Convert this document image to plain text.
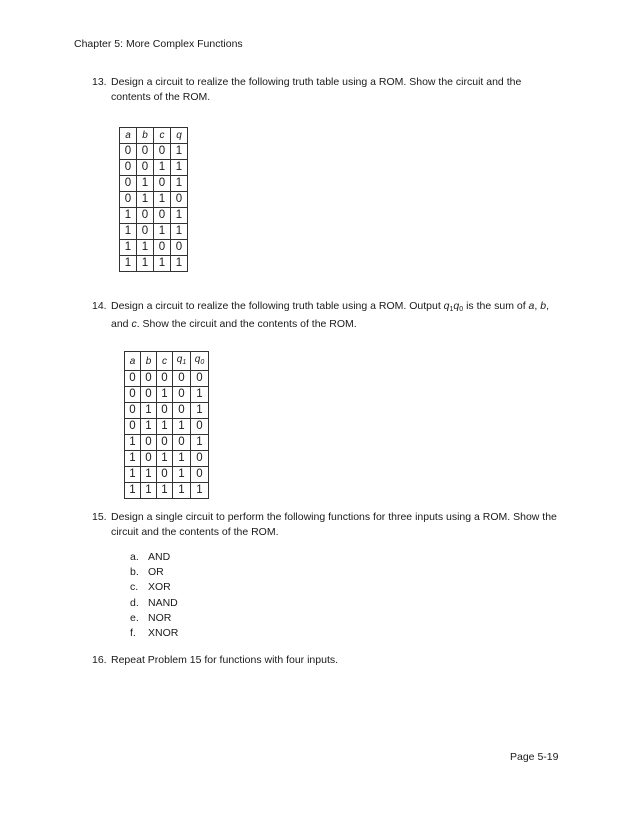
Chapter 5: More Complex Functions
13. Design a circuit to realize the following truth table using a ROM. Show the circuit and the contents of the ROM.
a	b	c	q
0	0	0	1
0	0	1	1
0	1	0	1
0	1	1	0
1	0	0	1
1	0	1	1
1	1	0	0
1	1	1	1
14. Design a circuit to realize the following truth table using a ROM. Output $q_1q_0$ is the sum of a, b, and c. Show the circuit and the contents of the ROM.
a	b	c	$q_1$	$q_0$
0	0	0	0	0
0	0	1	0	1
0	1	0	0	1
0	1	1	1	0
1	0	0	0	1
1	0	1	1	0
1	1	0	1	0
1	1	1	1	1
15. Design a single circuit to perform the following functions for three inputs using a ROM. Show the circuit and the contents of the ROM.
a. AND
b. OR
c. XOR
d. NAND
e. NOR
f. XNOR
16. Repeat Problem 15 for functions with four inputs.
Page 5-19
